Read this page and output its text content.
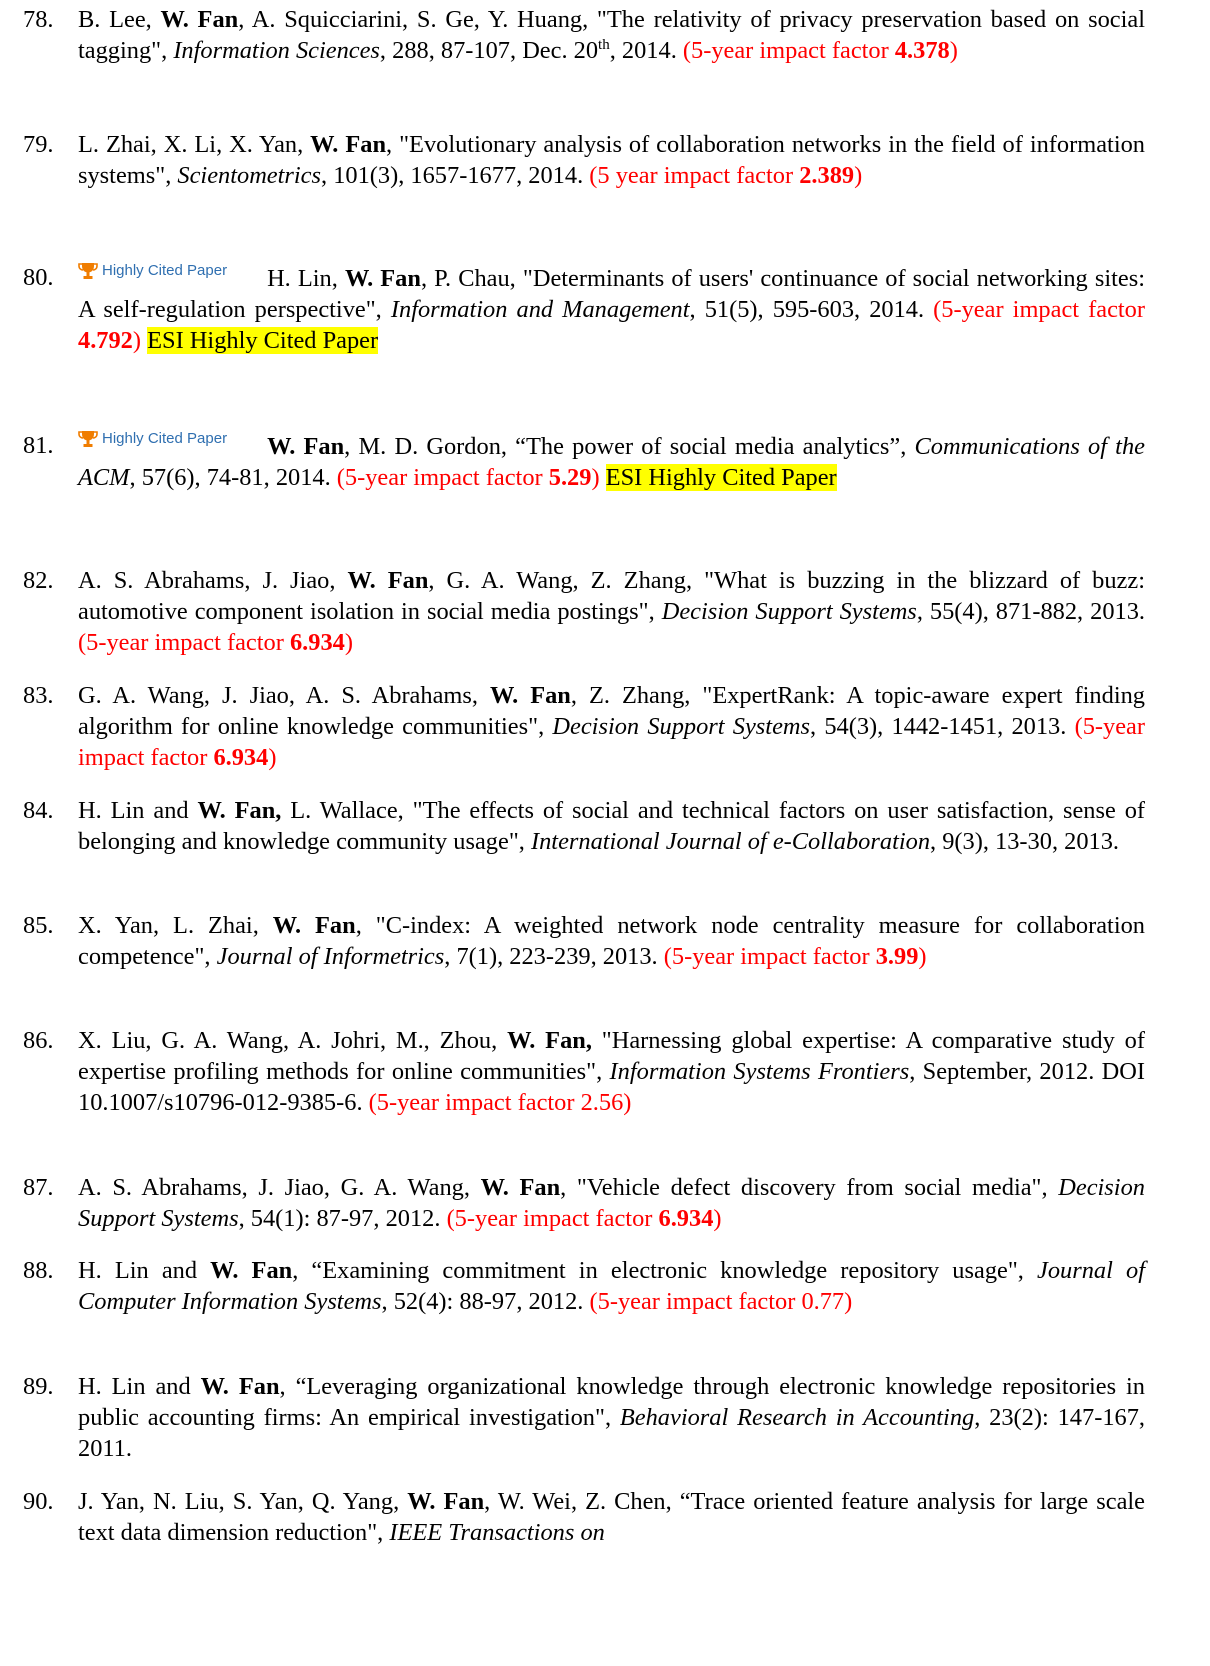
78. B. Lee, W. Fan, A. Squicciarini, S. Ge, Y. Huang, "The relativity of privacy preservation based on social tagging", Information Sciences, 288, 87-107, Dec. 20th, 2014. (5-year impact factor 4.378)
79. L. Zhai, X. Li, X. Yan, W. Fan, "Evolutionary analysis of collaboration networks in the field of information systems", Scientometrics, 101(3), 1657-1677, 2014. (5 year impact factor 2.389)
80.	Highly Cited Paper H. Lin, W. Fan, P. Chau, "Determinants of users' continuance of social networking sites: A self-regulation perspective", Information and Management, 51(5), 595-603, 2014. (5-year impact factor 4.792) ESI Highly Cited Paper
81.	Highly Cited Paper W. Fan, M. D. Gordon, “The power of social media analytics”, Communications of the ACM, 57(6), 74-81, 2014. (5-year impact factor 5.29) ESI Highly Cited Paper
82. A. S. Abrahams, J. Jiao, W. Fan, G. A. Wang, Z. Zhang, "What is buzzing in the blizzard of buzz: automotive component isolation in social media postings", Decision Support Systems, 55(4), 871-882, 2013. (5-year impact factor 6.934)
83. G. A. Wang, J. Jiao, A. S. Abrahams, W. Fan, Z. Zhang, "ExpertRank: A topic-aware expert finding algorithm for online knowledge communities", Decision Support Systems, 54(3), 1442-1451, 2013. (5-year impact factor 6.934)
84. H. Lin and W. Fan, L. Wallace, "The effects of social and technical factors on user satisfaction, sense of belonging and knowledge community usage", International Journal of e-Collaboration, 9(3), 13-30, 2013.
85. X. Yan, L. Zhai, W. Fan, "C-index: A weighted network node centrality measure for collaboration competence", Journal of Informetrics, 7(1), 223-239, 2013. (5-year impact factor 3.99)
86. X. Liu, G. A. Wang, A. Johri, M., Zhou, W. Fan, "Harnessing global expertise: A comparative study of expertise profiling methods for online communities", Information Systems Frontiers, September, 2012. DOI 10.1007/s10796-012-9385-6. (5-year impact factor 2.56)
87. A. S. Abrahams, J. Jiao, G. A. Wang, W. Fan, "Vehicle defect discovery from social media", Decision Support Systems, 54(1): 87-97, 2012. (5-year impact factor 6.934)
88. H. Lin and W. Fan, “Examining commitment in electronic knowledge repository usage", Journal of Computer Information Systems, 52(4): 88-97, 2012. (5-year impact factor 0.77)
89. H. Lin and W. Fan, “Leveraging organizational knowledge through electronic knowledge repositories in public accounting firms: An empirical investigation", Behavioral Research in Accounting, 23(2): 147-167, 2011.
90. J. Yan, N. Liu, S. Yan, Q. Yang, W. Fan, W. Wei, Z. Chen, “Trace oriented feature analysis for large scale text data dimension reduction", IEEE Transactions on
